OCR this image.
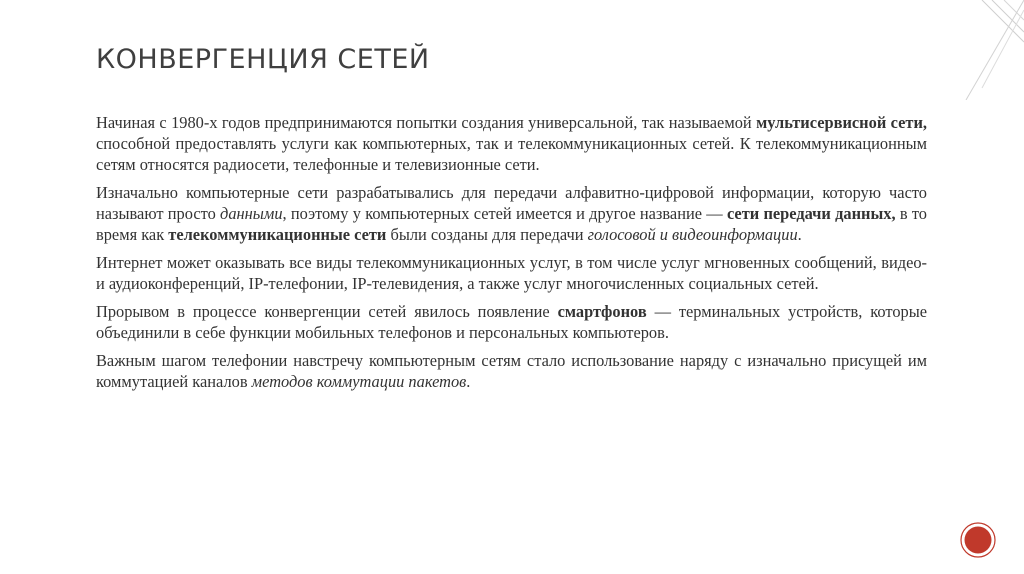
КОНВЕРГЕНЦИЯ СЕТЕЙ

Начиная с 1980-х годов предпринимаются попытки создания универсальной, так называемой мультисервисной сети, способной предоставлять услуги как компьютерных, так и телекоммуникационных сетей. К телекоммуникационным сетям относятся радиосети, телефонные и телевизионные сети.

Изначально компьютерные сети разрабатывались для передачи алфавитно-цифровой информации, которую часто называют просто данными, поэтому у компьютерных сетей имеется и другое название — сети передачи данных, в то время как телекоммуникационные сети были созданы для передачи голосовой и видеоинформации.

Интернет может оказывать все виды телекоммуникационных услуг, в том числе услуг мгновенных сообщений, видео- и аудиоконференций, IP-телефонии, IP-телевидения, а также услуг многочисленных социальных сетей.

Прорывом в процессе конвергенции сетей явилось появление смартфонов — терминальных устройств, которые объединили в себе функции мобильных телефонов и персональных компьютеров.

Важным шагом телефонии навстречу компьютерным сетям стало использование наряду с изначально присущей им коммутацией каналов методов коммутации пакетов.
